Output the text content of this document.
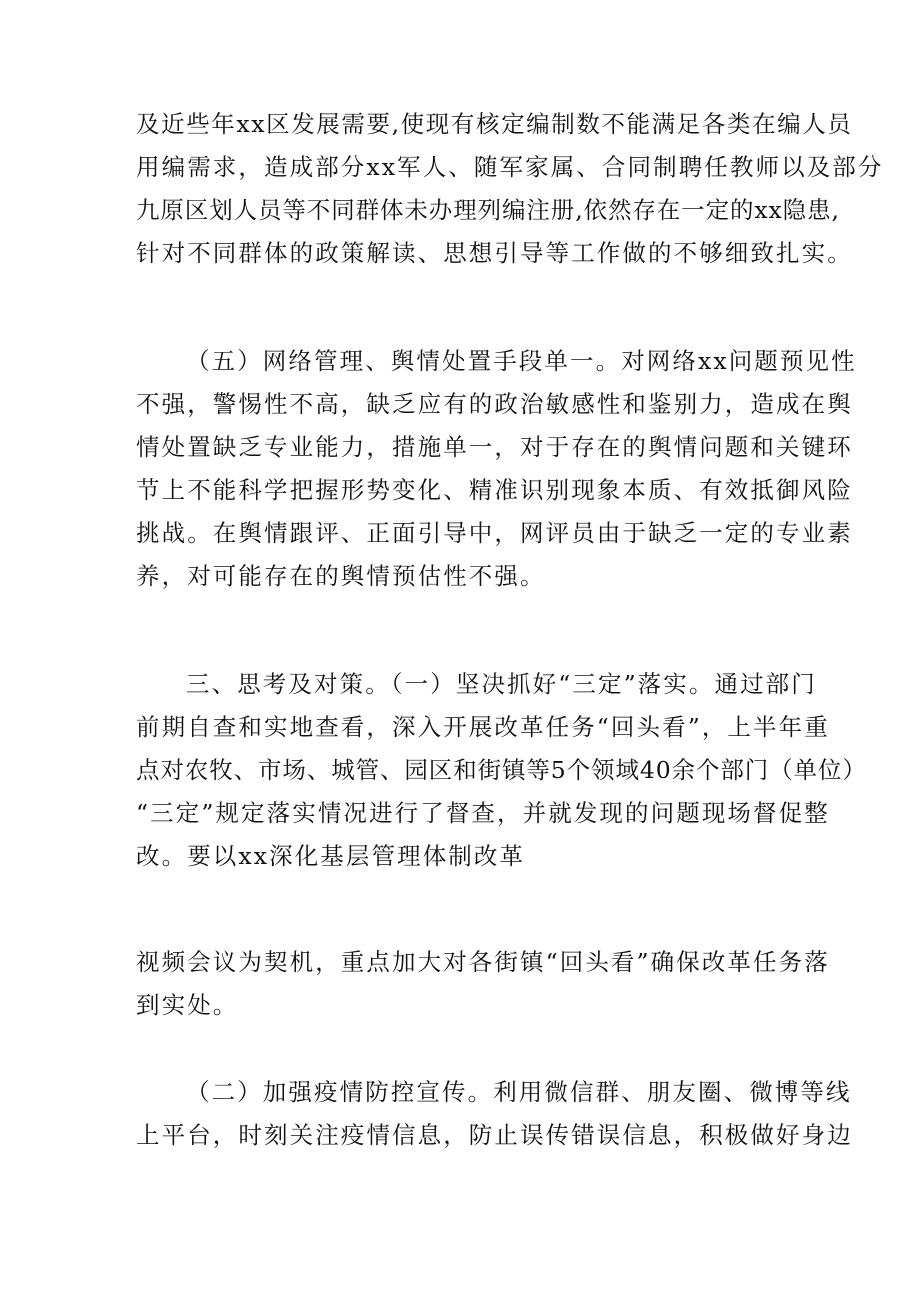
及近些年xx区发展需要,使现有核定编制数不能满足各类在编人员
用编需求，造成部分xx军人、随军家属、合同制聘任教师以及部分
九原区划人员等不同群体未办理列编注册,依然存在一定的xx隐患,
针对不同群体的政策解读、思想引导等工作做的不够细致扎实。
（五）网络管理、舆情处置手段单一。对网络xx问题预见性
不强，警惕性不高，缺乏应有的政治敏感性和鉴别力，造成在舆
情处置缺乏专业能力，措施单一，对于存在的舆情问题和关键环
节上不能科学把握形势变化、精准识别现象本质、有效抵御风险
挑战。在舆情跟评、正面引导中，网评员由于缺乏一定的专业素
养，对可能存在的舆情预估性不强。
三、思考及对策。（一）坚决抓好“三定”落实。通过部门
前期自查和实地查看，深入开展改革任务“回头看”，上半年重
点对农牧、市场、城管、园区和街镇等5个领域40余个部门（单位）
“三定”规定落实情况进行了督查，并就发现的问题现场督促整
改。要以xx深化基层管理体制改革
视频会议为契机，重点加大对各街镇“回头看”确保改革任务落
到实处。
（二）加强疫情防控宣传。利用微信群、朋友圈、微博等线
上平台，时刻关注疫情信息，防止误传错误信息，积极做好身边
